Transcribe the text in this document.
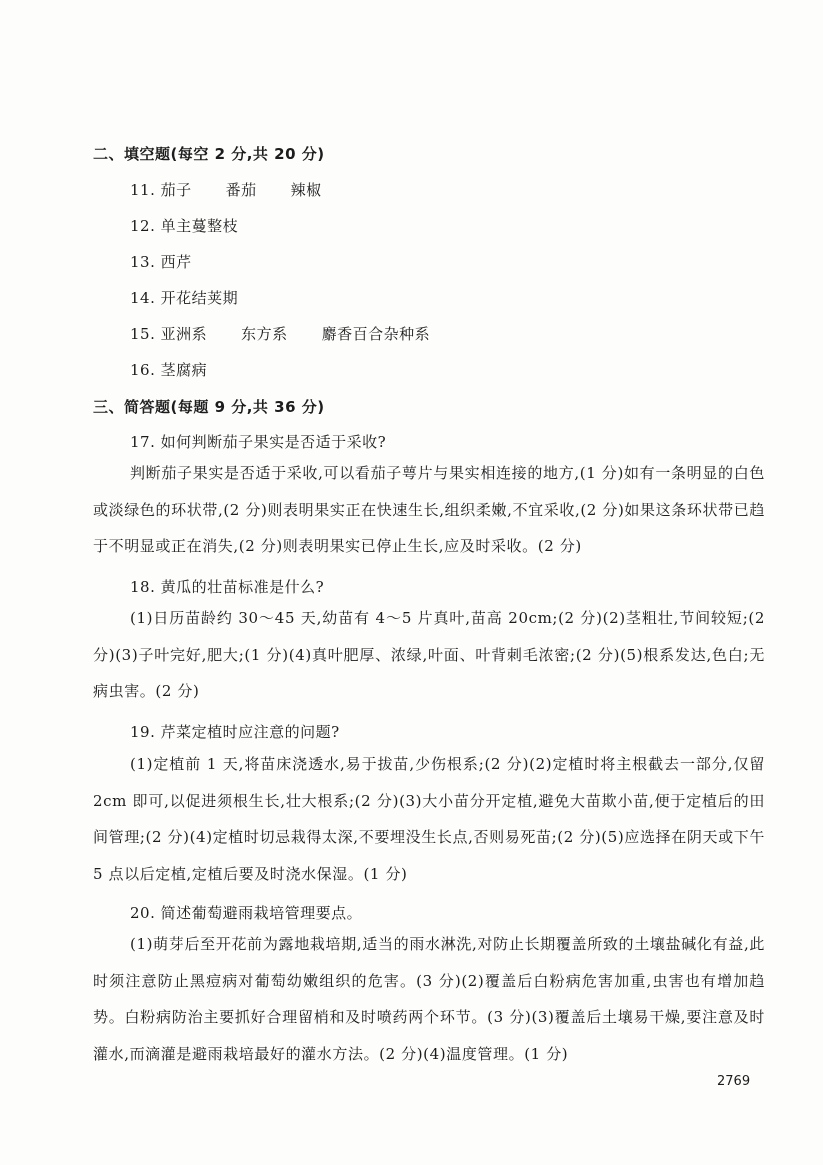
二、填空题(每空 2 分,共 20 分)
11. 茄子 番茄 辣椒
12. 单主蔓整枝
13. 西芹
14. 开花结荚期
15. 亚洲系 东方系 麝香百合杂种系
16. 茎腐病
三、简答题(每题 9 分,共 36 分)
17. 如何判断茄子果实是否适于采收?
判断茄子果实是否适于采收,可以看茄子萼片与果实相连接的地方,(1 分)如有一条明显的白色或淡绿色的环状带,(2 分)则表明果实正在快速生长,组织柔嫩,不宜采收,(2 分)如果这条环状带已趋于不明显或正在消失,(2 分)则表明果实已停止生长,应及时采收。(2 分)
18. 黄瓜的壮苗标准是什么?
(1)日历苗龄约 30～45 天,幼苗有 4～5 片真叶,苗高 20cm;(2 分)(2)茎粗壮,节间较短;(2 分)(3)子叶完好,肥大;(1 分)(4)真叶肥厚、浓绿,叶面、叶背刺毛浓密;(2 分)(5)根系发达,色白;无病虫害。(2 分)
19. 芹菜定植时应注意的问题?
(1)定植前 1 天,将苗床浇透水,易于拔苗,少伤根系;(2 分)(2)定植时将主根截去一部分,仅留 2cm 即可,以促进须根生长,壮大根系;(2 分)(3)大小苗分开定植,避免大苗欺小苗,便于定植后的田间管理;(2 分)(4)定植时切忌栽得太深,不要埋没生长点,否则易死苗;(2 分)(5)应选择在阴天或下午 5 点以后定植,定植后要及时浇水保湿。(1 分)
20. 简述葡萄避雨栽培管理要点。
(1)萌芽后至开花前为露地栽培期,适当的雨水淋洗,对防止长期覆盖所致的土壤盐碱化有益,此时须注意防止黑痘病对葡萄幼嫩组织的危害。(3 分)(2)覆盖后白粉病危害加重,虫害也有增加趋势。白粉病防治主要抓好合理留梢和及时喷药两个环节。(3 分)(3)覆盖后土壤易干燥,要注意及时灌水,而滴灌是避雨栽培最好的灌水方法。(2 分)(4)温度管理。(1 分)
2769
